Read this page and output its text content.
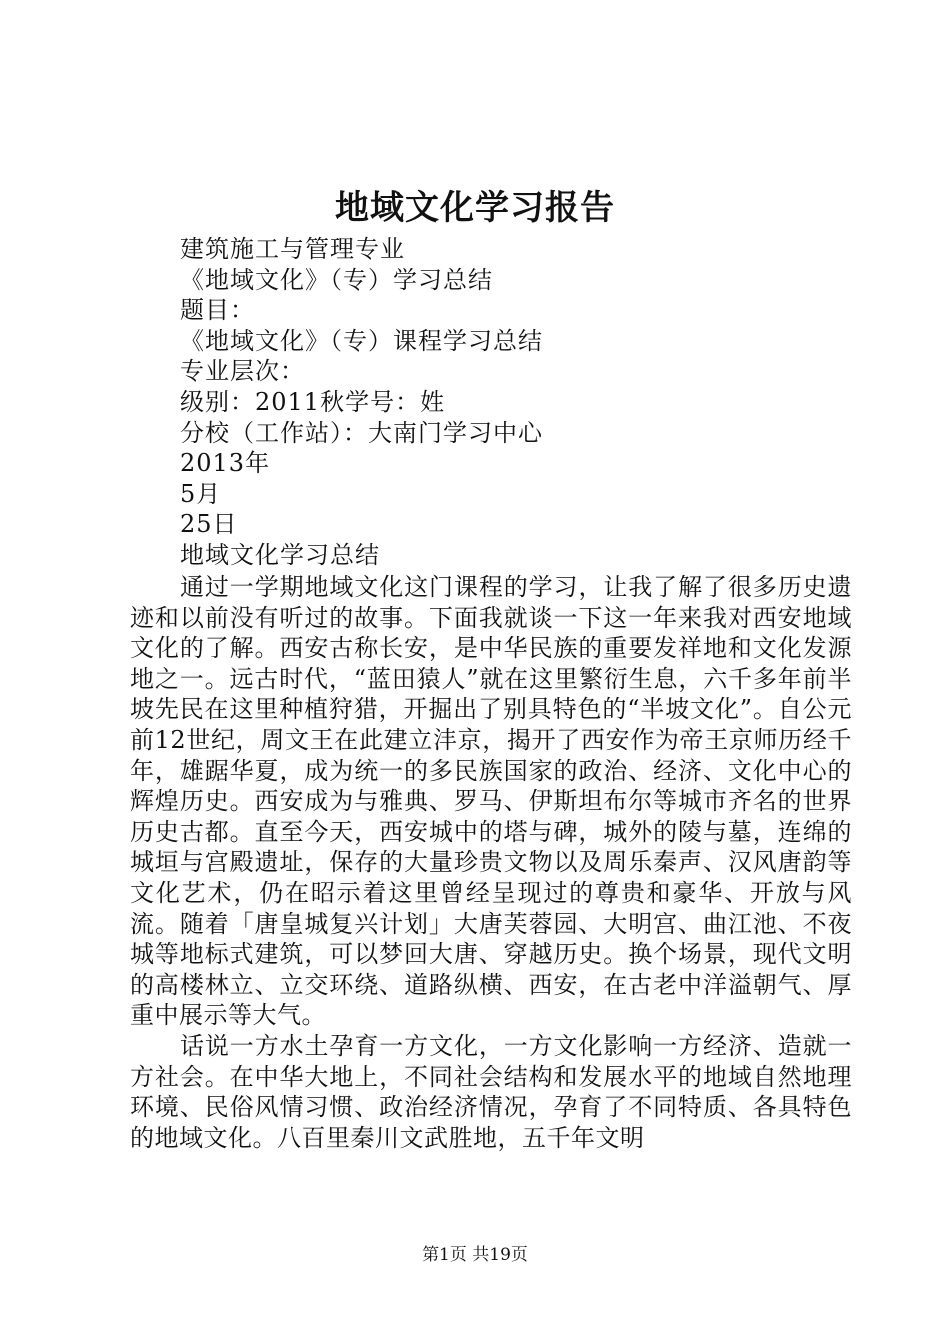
地域文化学习报告
建筑施工与管理专业
《地域文化》（专）学习总结
题目：
《地域文化》（专）课程学习总结
专业层次：
级别：2011秋学号：姓
分校（工作站）：大南门学习中心
2013年
5月
25日
地域文化学习总结

通过一学期地域文化这门课程的学习，让我了解了很多历史遗迹和以前没有听过的故事。下面我就谈一下这一年来我对西安地域文化的了解。西安古称长安，是中华民族的重要发祥地和文化发源地之一。远古时代，“蓝田猿人”就在这里繁衍生息，六千多年前半坡先民在这里种植狩猎，开掘出了别具特色的“半坡文化”。自公元前12世纪，周文王在此建立沣京，揭开了西安作为帝王京师历经千年，雄踞华夏，成为统一的多民族国家的政治、经济、文化中心的辉煌历史。西安成为与雅典、罗马、伊斯坦布尔等城市齐名的世界历史古都。直至今天，西安城中的塔与碑，城外的陵与墓，连绵的城垣与宫殿遗址，保存的大量珍贵文物以及周乐秦声、汉风唐韵等文化艺术，仍在昭示着这里曾经呈现过的尊贵和豪华、开放与风流。随着「唐皇城复兴计划」大唐芙蓉园、大明宫、曲江池、不夜城等地标式建筑，可以梦回大唐、穿越历史。换个场景，现代文明的高楼林立、立交环绕、道路纵横、西安，在古老中洋溢朝气、厚重中展示等大气。

话说一方水土孕育一方文化，一方文化影响一方经济、造就一方社会。在中华大地上，不同社会结构和发展水平的地域自然地理环境、民俗风情习惯、政治经济情况，孕育了不同特质、各具特色的地域文化。八百里秦川文武胜地，五千年文明

第1页 共19页
